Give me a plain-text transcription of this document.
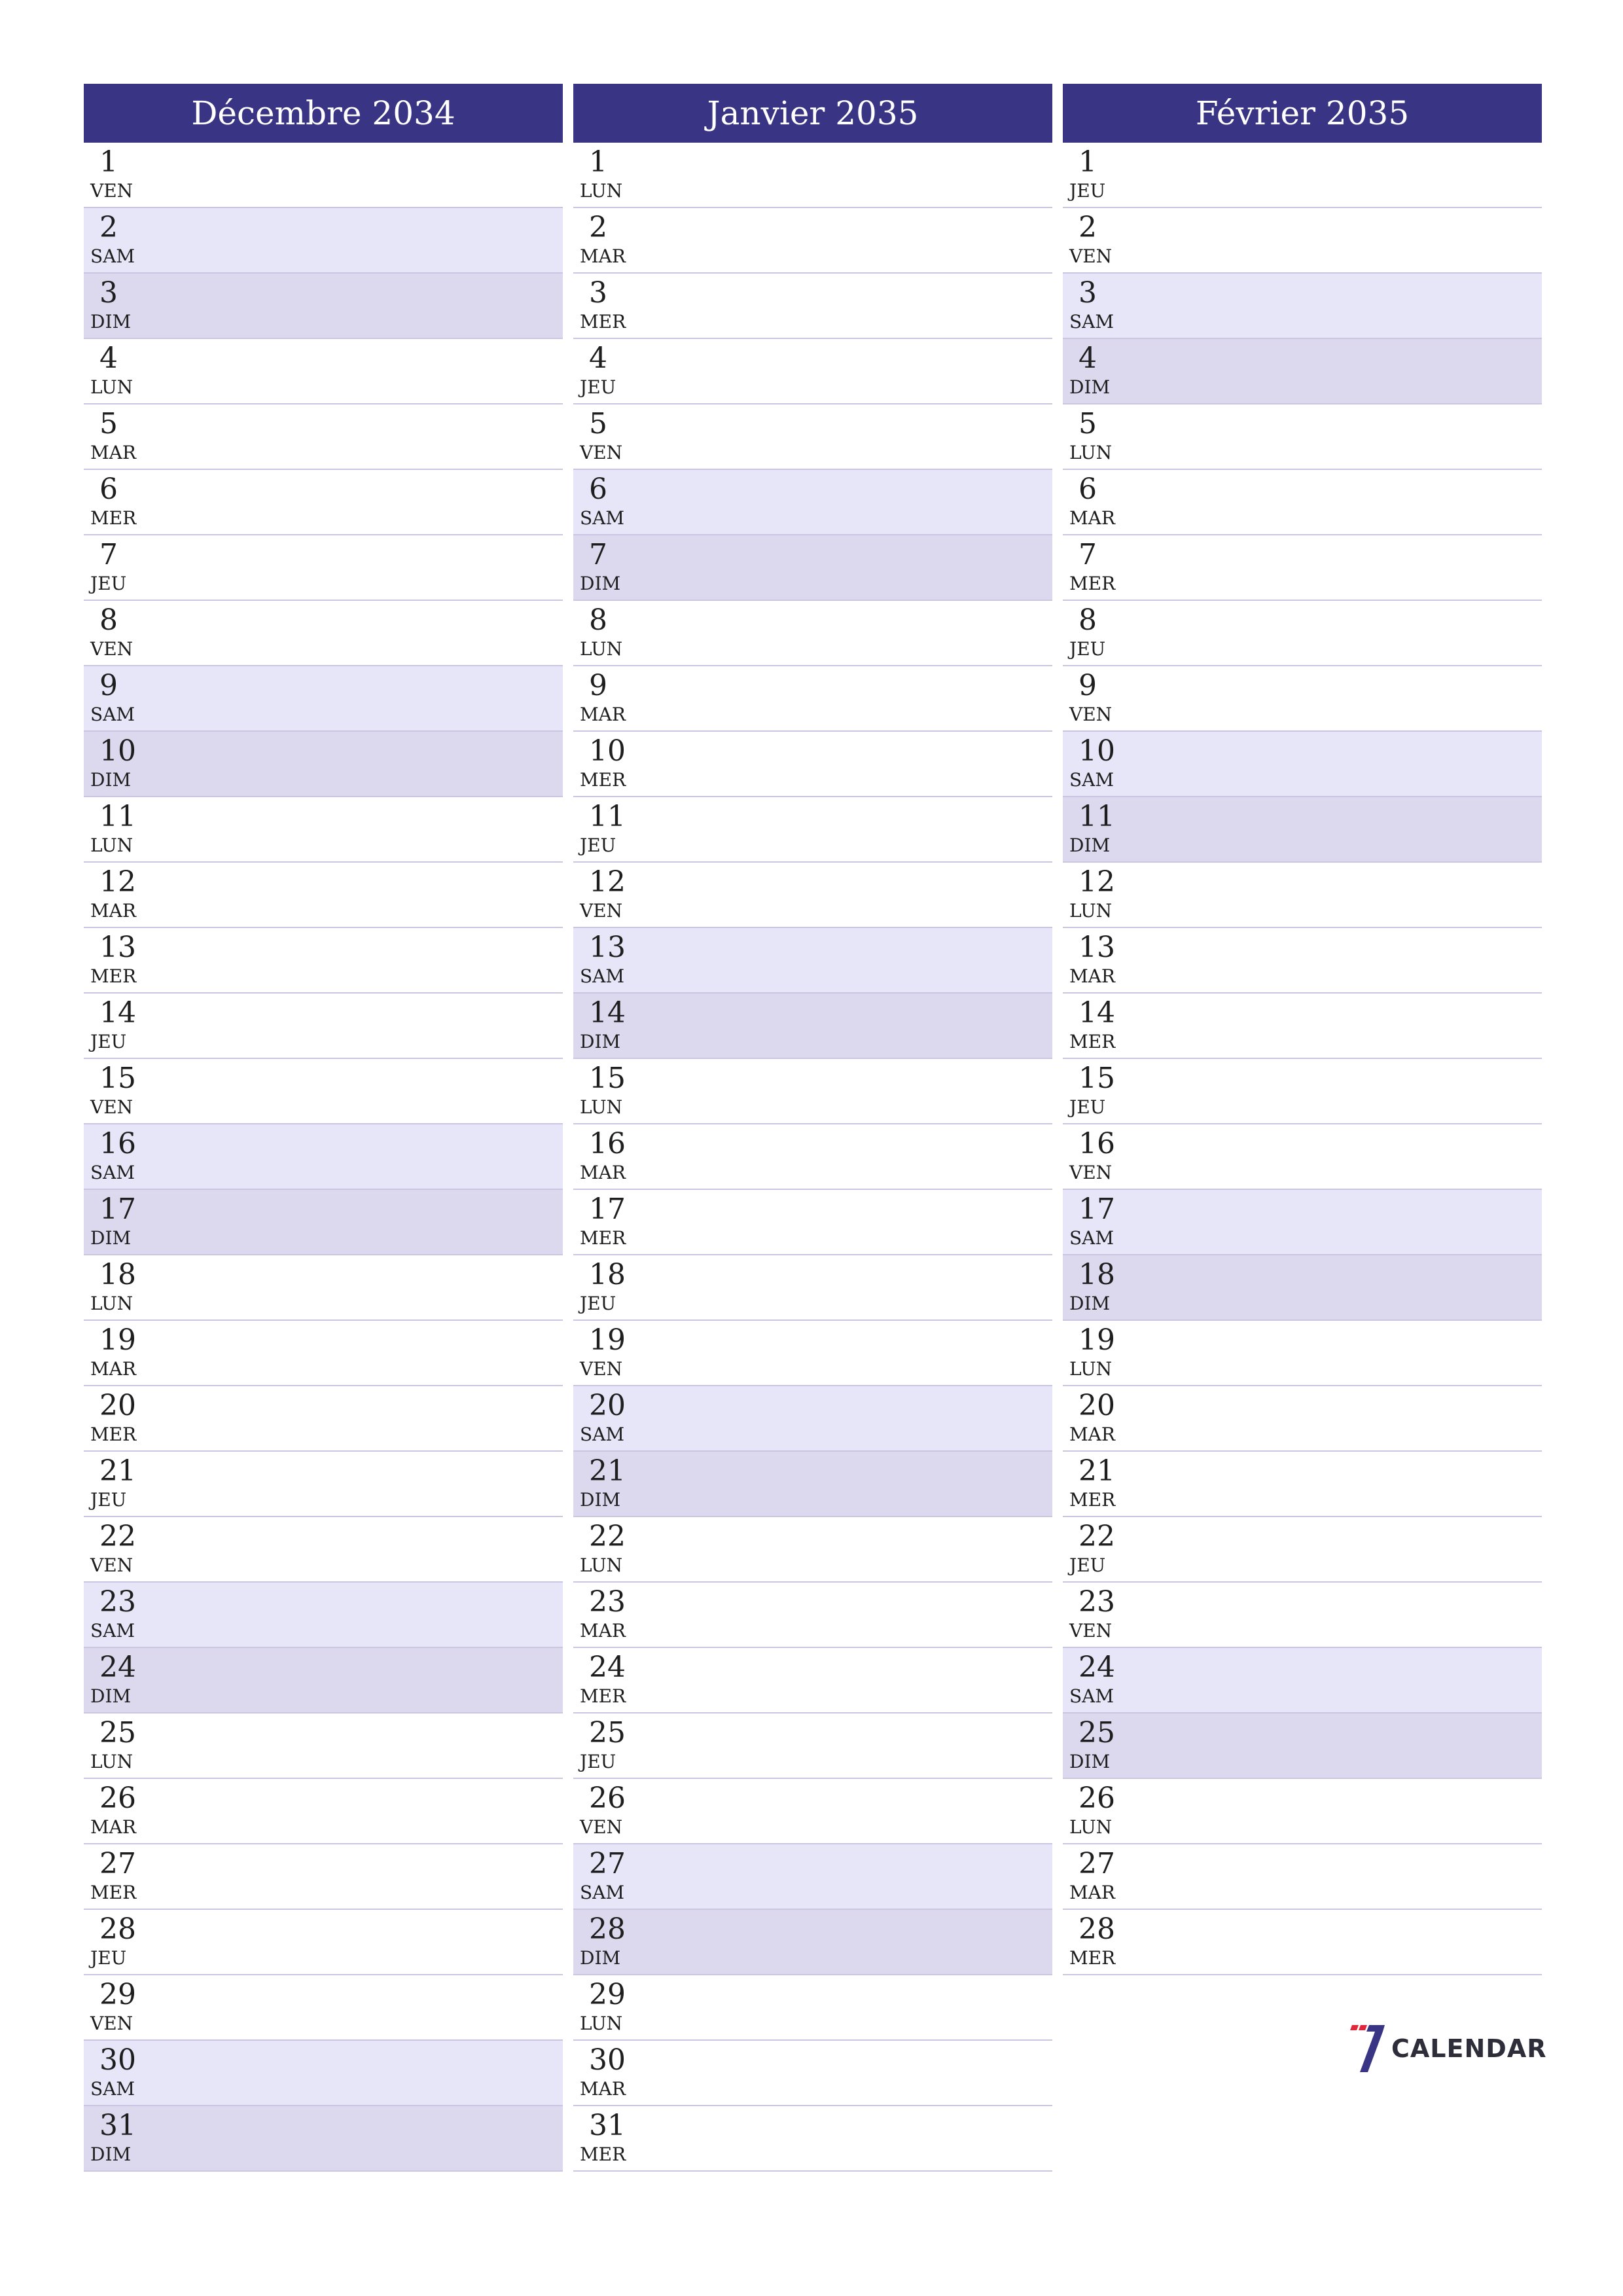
Décembre 2034
1
VEN
2
SAM
3
DIM
4
LUN
5
MAR
6
MER
7
JEU
8
VEN
9
SAM
10
DIM
11
LUN
12
MAR
13
MER
14
JEU
15
VEN
16
SAM
17
DIM
18
LUN
19
MAR
20
MER
21
JEU
22
VEN
23
SAM
24
DIM
25
LUN
26
MAR
27
MER
28
JEU
29
VEN
30
SAM
31
DIM
Janvier 2035
1
LUN
2
MAR
3
MER
4
JEU
5
VEN
6
SAM
7
DIM
8
LUN
9
MAR
10
MER
11
JEU
12
VEN
13
SAM
14
DIM
15
LUN
16
MAR
17
MER
18
JEU
19
VEN
20
SAM
21
DIM
22
LUN
23
MAR
24
MER
25
JEU
26
VEN
27
SAM
28
DIM
29
LUN
30
MAR
31
MER
Février 2035
1
JEU
2
VEN
3
SAM
4
DIM
5
LUN
6
MAR
7
MER
8
JEU
9
VEN
10
SAM
11
DIM
12
LUN
13
MAR
14
MER
15
JEU
16
VEN
17
SAM
18
DIM
19
LUN
20
MAR
21
MER
22
JEU
23
VEN
24
SAM
25
DIM
26
LUN
27
MAR
28
MER
CALENDAR
